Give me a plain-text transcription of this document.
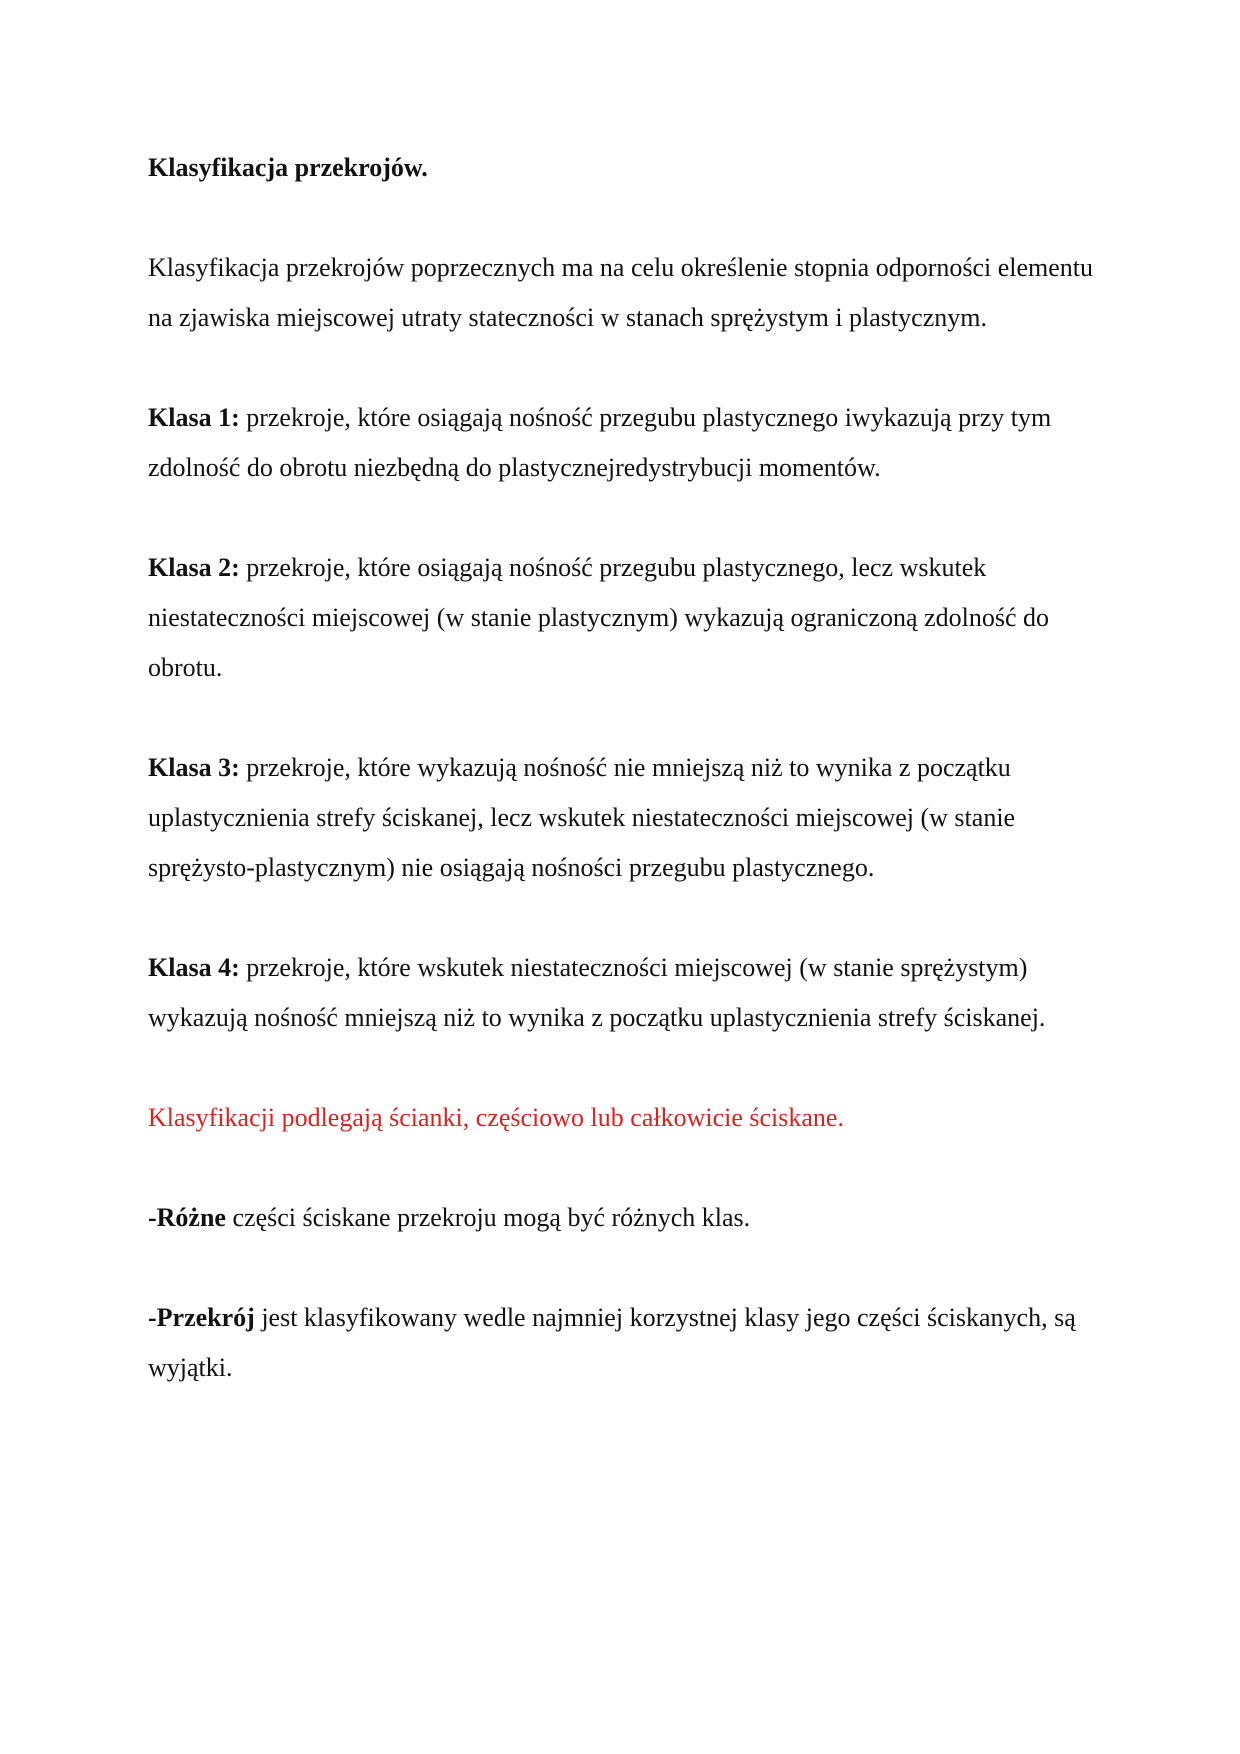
Klasyfikacja przekrojów.

Klasyfikacja przekrojów poprzecznych ma na celu określenie stopnia odporności elementu na zjawiska miejscowej utraty stateczności w stanach sprężystym i plastycznym.

Klasa 1: przekroje, które osiągają nośność przegubu plastycznego iwykazują przy tym zdolność do obrotu niezbędną do plastycznejredystrybucji momentów.

Klasa 2: przekroje, które osiągają nośność przegubu plastycznego, lecz wskutek niestateczności miejscowej (w stanie plastycznym) wykazują ograniczoną zdolność do obrotu.

Klasa 3: przekroje, które wykazują nośność nie mniejszą niż to wynika z początku uplastycznienia strefy ściskanej, lecz wskutek niestateczności miejscowej (w stanie sprężysto-plastycznym) nie osiągają nośności przegubu plastycznego.

Klasa 4: przekroje, które wskutek niestateczności miejscowej (w stanie sprężystym) wykazują nośność mniejszą niż to wynika z początku uplastycznienia strefy ściskanej.

Klasyfikacji podlegają ścianki, częściowo lub całkowicie ściskane.

-Różne części ściskane przekroju mogą być różnych klas.

-Przekrój jest klasyfikowany wedle najmniej korzystnej klasy jego części ściskanych, są wyjątki.
